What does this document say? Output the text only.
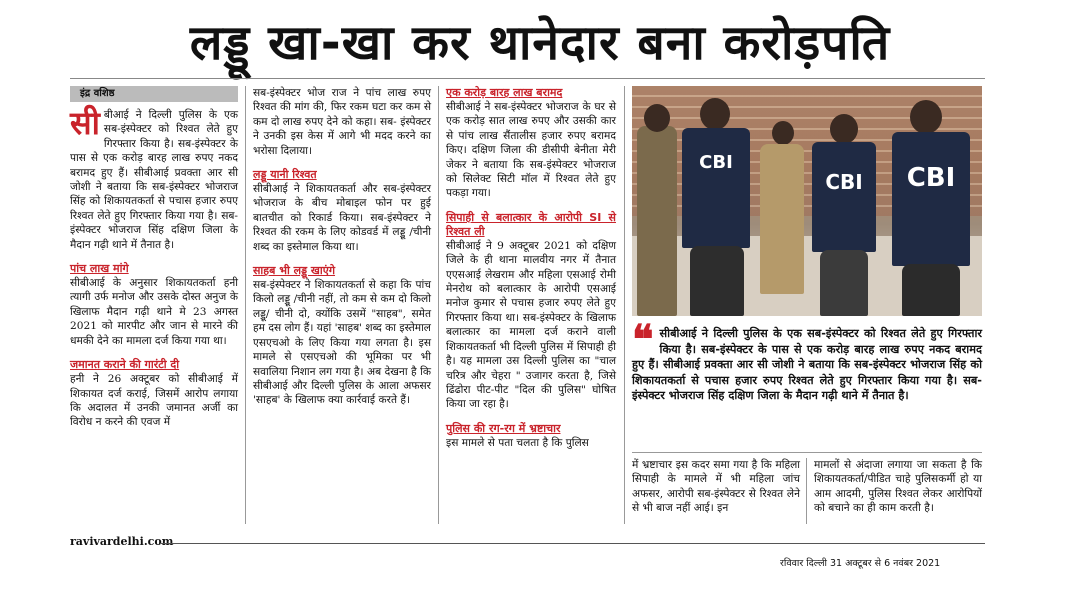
लड्डू खा-खा कर थानेदार बना करोड़पति
इंद्र वशिष्ठ

सीबीआई ने दिल्ली पुलिस के एक सब-इंस्पेक्टर को रिश्वत लेते हुए गिरफ्तार किया है। सब-इंस्पेक्टर के पास से एक करोड़ बारह लाख रुपए नकद बरामद हुए हैं। सीबीआई प्रवक्ता आर सी जोशी ने बताया कि सब-इंस्पेक्टर भोजराज सिंह को शिकायतकर्ता से पचास हजार रुपए रिश्वत लेते हुए गिरफ्तार किया गया है। सब-इंस्पेक्टर भोजराज सिंह दक्षिण जिला के मैदान गढ़ी थाने में तैनात है।

पांच लाख मांगे

सीबीआई के अनुसार शिकायतकर्ता हनी त्यागी उर्फ मनोज और उसके दोस्त अनुज के खिलाफ मैदान गढ़ी थाने मे 23 अगस्त 2021 को मारपीट और जान से मारने की धमकी देने का मामला दर्ज किया गया था।

जमानत कराने की गारंटी दी

हनी ने 26 अक्टूबर को सीबीआई में शिकायत दर्ज कराई, जिसमें आरोप लगाया कि अदालत में उनकी जमानत अर्जी का विरोध न करने की एवज में

सब-इंस्पेक्टर भोज राज ने पांच लाख रुपए रिश्वत की मांग की, फिर रकम घटा कर कम से कम दो लाख रुपए देने को कहा। सब- इंस्पेक्टर ने उनकी इस केस में आगे भी मदद करने का भरोसा दिलाया।

लड्डू यानी रिश्वत

सीबीआई ने शिकायतकर्ता और सब-इंस्पेक्टर भोजराज के बीच मोबाइल फोन पर हुई बातचीत को रिकार्ड किया। सब-इंस्पेक्टर ने रिश्वत की रकम के लिए कोडवर्ड में लड्डू /चीनी शब्द का इस्तेमाल किया था।

साहब भी लड्डू खाएंगे

सब-इंस्पेक्टर ने शिकायतकर्ता से कहा कि पांच किलो लड्डू /चीनी नहीं, तो कम से कम दो किलो लड्डू/ चीनी दो, क्योंकि उसमें "साहब", समेत हम दस लोग हैं। यहां 'साहब' शब्द का इस्तेमाल एसएचओ के लिए किया गया लगता है। इस मामले से एसएचओ की भूमिका पर भी सवालिया निशान लग गया है। अब देखना है कि सीबीआई और दिल्ली पुलिस के आला अफसर 'साहब' के खिलाफ क्या कार्रवाई करते हैं।

एक करोड़ बारह लाख बरामद

सीबीआई ने सब-इंस्पेक्टर भोजराज के घर से एक करोड़ सात लाख रुपए और उसकी कार से पांच लाख सैंतालीस हजार रुपए बरामद किए। दक्षिण जिला की डीसीपी बेनीता मेरी जेकर ने बताया कि सब-इंस्पेक्टर भोजराज को सिलेक्ट सिटी मॉल में रिश्वत लेते हुए पकड़ा गया।

सिपाही से बलात्कार के आरोपी SI से रिश्वत ली

सीबीआई ने 9 अक्टूबर 2021 को दक्षिण जिले के ही थाना मालवीय नगर में तैनात एएसआई लेखराम और महिला एसआई रोमी मेनरोथ को बलात्कार के आरोपी एसआई मनोज कुमार से पचास हजार रुपए लेते हुए गिरफ्तार किया था। सब-इंस्पेक्टर के खिलाफ बलात्कार का मामला दर्ज कराने वाली शिकायतकर्ता भी दिल्ली पुलिस में सिपाही ही है। यह मामला उस दिल्ली पुलिस का "चाल चरित्र और चेहरा " उजागर करता है, जिसे ढिंढोरा पीट-पीट "दिल की पुलिस" घोषित किया जा रहा है।

पुलिस की रग-रग में भ्रष्टाचार

इस मामले से पता चलता है कि पुलिस

CBI
CBI	CBI
❝ सीबीआई ने दिल्ली पुलिस के एक सब-इंस्पेक्टर को रिश्वत लेते हुए गिरफ्तार किया है। सब-इंस्पेक्टर के पास से एक करोड़ बारह लाख रुपए नकद बरामद हुए हैं। सीबीआई प्रवक्ता आर सी जोशी ने बताया कि सब-इंस्पेक्टर भोजराज सिंह को शिकायतकर्ता से पचास हजार रुपए रिश्वत लेते हुए गिरफ्तार किया गया है। सब-इंस्पेक्टर भोजराज सिंह दक्षिण जिला के मैदान गढ़ी थाने में तैनात है।

में भ्रष्टाचार इस कदर समा गया है कि महिला सिपाही के मामले में भी महिला जांच अफसर, आरोपी सब-इंस्पेक्टर से रिश्वत लेने से भी बाज नहीं आई। इन

मामलों से अंदाजा लगाया जा सकता है कि शिकायतकर्ता/पीडित चाहे पुलिसकर्मी हो या आम आदमी, पुलिस रिश्वत लेकर आरोपियों को बचाने का ही काम करती है।

ravivardelhi.com
रविवार दिल्ली 31 अक्टूबर से 6 नवंबर 2021
